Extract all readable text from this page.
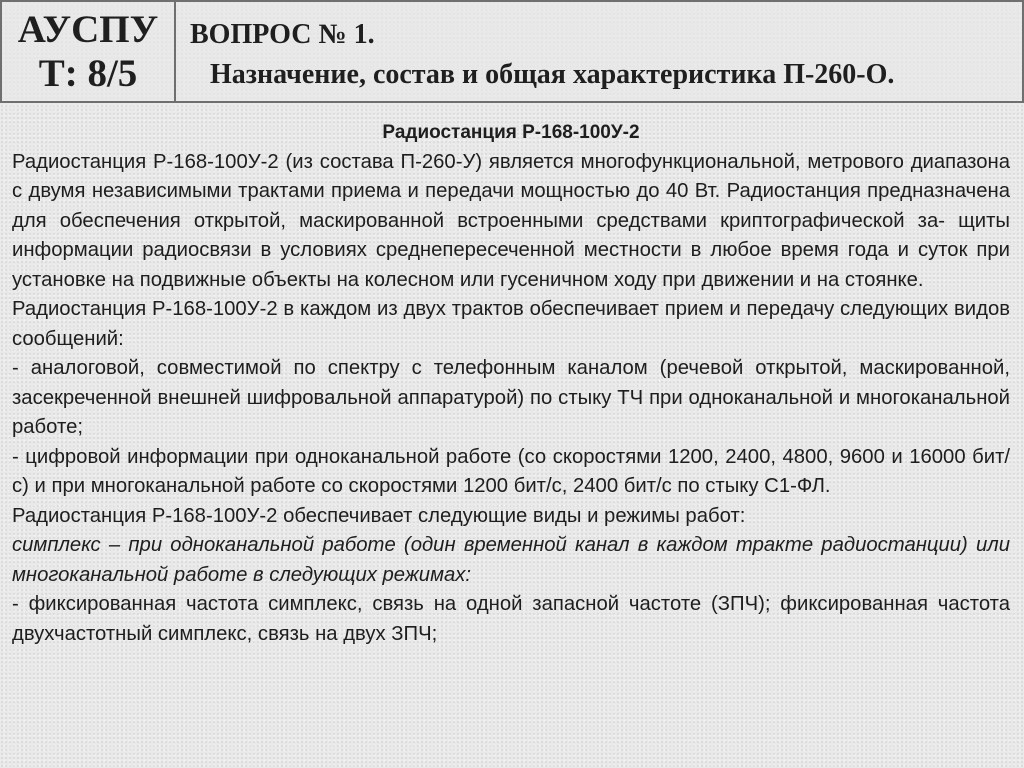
АУСПУ
Т: 8/5
ВОПРОС № 1.
Назначение, состав и общая характеристика П-260-О.

Радиостанция Р-168-100У-2

Радиостанция Р-168-100У-2 (из состава П-260-У) является многофункциональной, метрового диапазона с двумя независимыми трактами приема и передачи мощностью до 40 Вт. Радиостанция предназначена для обеспечения открытой, маскированной встроенными средствами криптографической за- щиты информации радиосвязи в условиях среднепересеченной местности в любое время года и суток при установке на подвижные объекты на колесном или гусеничном ходу при движении и на стоянке.

Радиостанция Р-168-100У-2 в каждом из двух трактов обеспечивает прием и передачу следующих видов сообщений:

- аналоговой, совместимой по спектру с телефонным каналом (речевой открытой, маскированной, засекреченной внешней шифровальной аппаратурой) по стыку ТЧ при одноканальной и многоканальной работе;

- цифровой информации при одноканальной работе (со скоростями 1200, 2400, 4800, 9600 и 16000 бит/с) и при многоканальной работе со скоростями 1200 бит/с, 2400 бит/с по стыку С1-ФЛ.

Радиостанция Р-168-100У-2 обеспечивает следующие виды и режимы работ:

симплекс – при одноканальной работе (один временной канал в каждом тракте радиостанции) или многоканальной работе в следующих режимах:

- фиксированная частота симплекс, связь на одной запасной частоте (ЗПЧ); фиксированная частота двухчастотный симплекс, связь на двух ЗПЧ;
